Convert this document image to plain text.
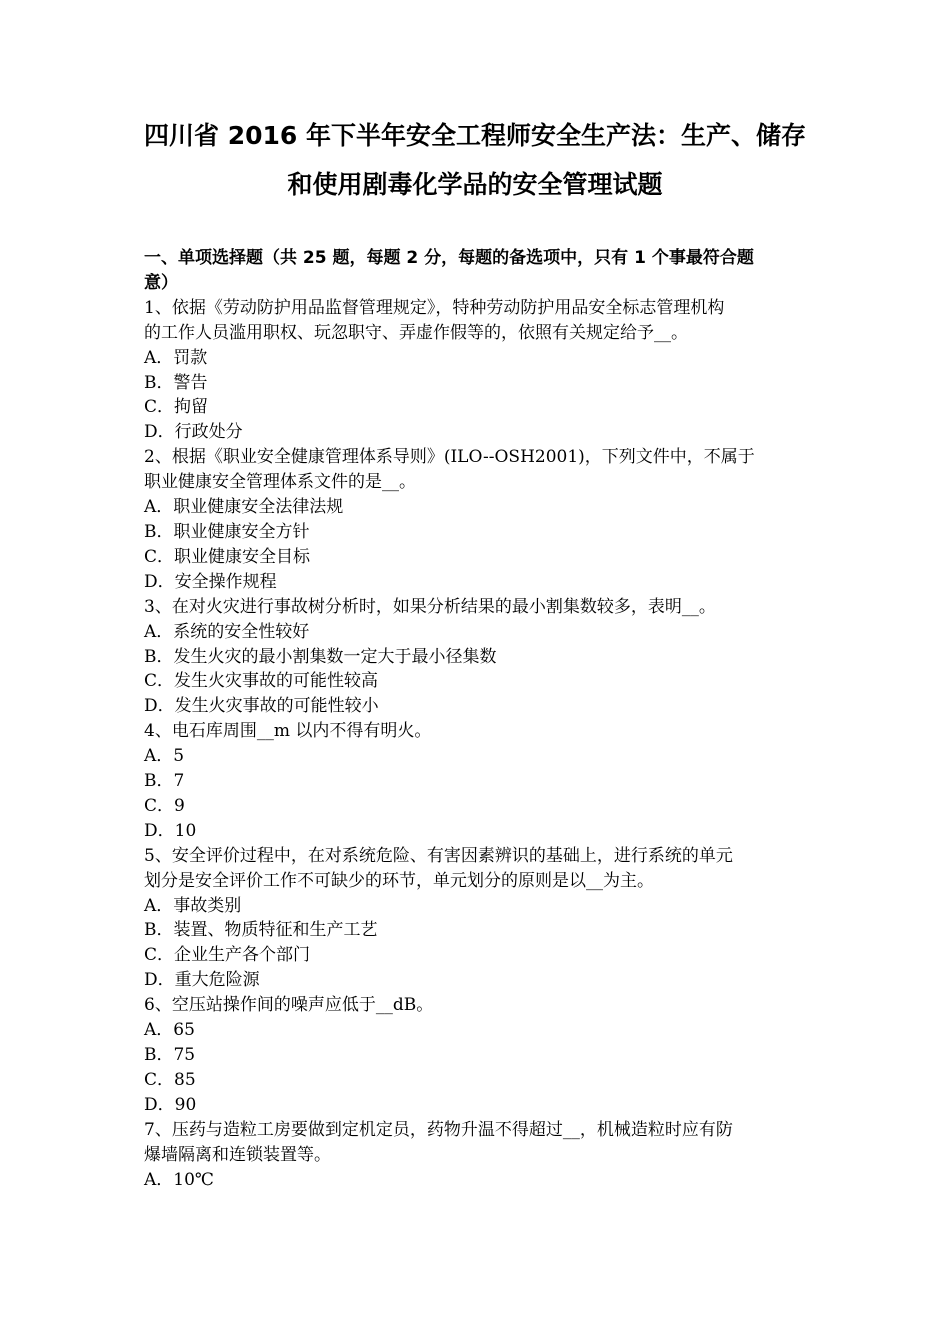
四川省 2016 年下半年安全工程师安全生产法：生产、储存
和使用剧毒化学品的安全管理试题

一、单项选择题（共 25 题，每题 2 分，每题的备选项中，只有 1 个事最符合题

意）

1、依据《劳动防护用品监督管理规定》，特种劳动防护用品安全标志管理机构

的工作人员滥用职权、玩忽职守、弄虚作假等的，依照有关规定给予__。

A．罚款

B．警告

C．拘留

D．行政处分

2、根据《职业安全健康管理体系导则》(ILO--OSH2001)，下列文件中，不属于

职业健康安全管理体系文件的是__。

A．职业健康安全法律法规

B．职业健康安全方针

C．职业健康安全目标

D．安全操作规程

3、在对火灾进行事故树分析时，如果分析结果的最小割集数较多，表明__。

A．系统的安全性较好

B．发生火灾的最小割集数一定大于最小径集数

C．发生火灾事故的可能性较高

D．发生火灾事故的可能性较小

4、电石库周围__m 以内不得有明火。

A．5

B．7

C．9

D．10

5、安全评价过程中，在对系统危险、有害因素辨识的基础上，进行系统的单元

划分是安全评价工作不可缺少的环节，单元划分的原则是以__为主。

A．事故类别

B．装置、物质特征和生产工艺

C．企业生产各个部门

D．重大危险源

6、空压站操作间的噪声应低于__dB。

A．65

B．75

C．85

D．90

7、压药与造粒工房要做到定机定员，药物升温不得超过__，机械造粒时应有防

爆墙隔离和连锁装置等。

A．10℃
